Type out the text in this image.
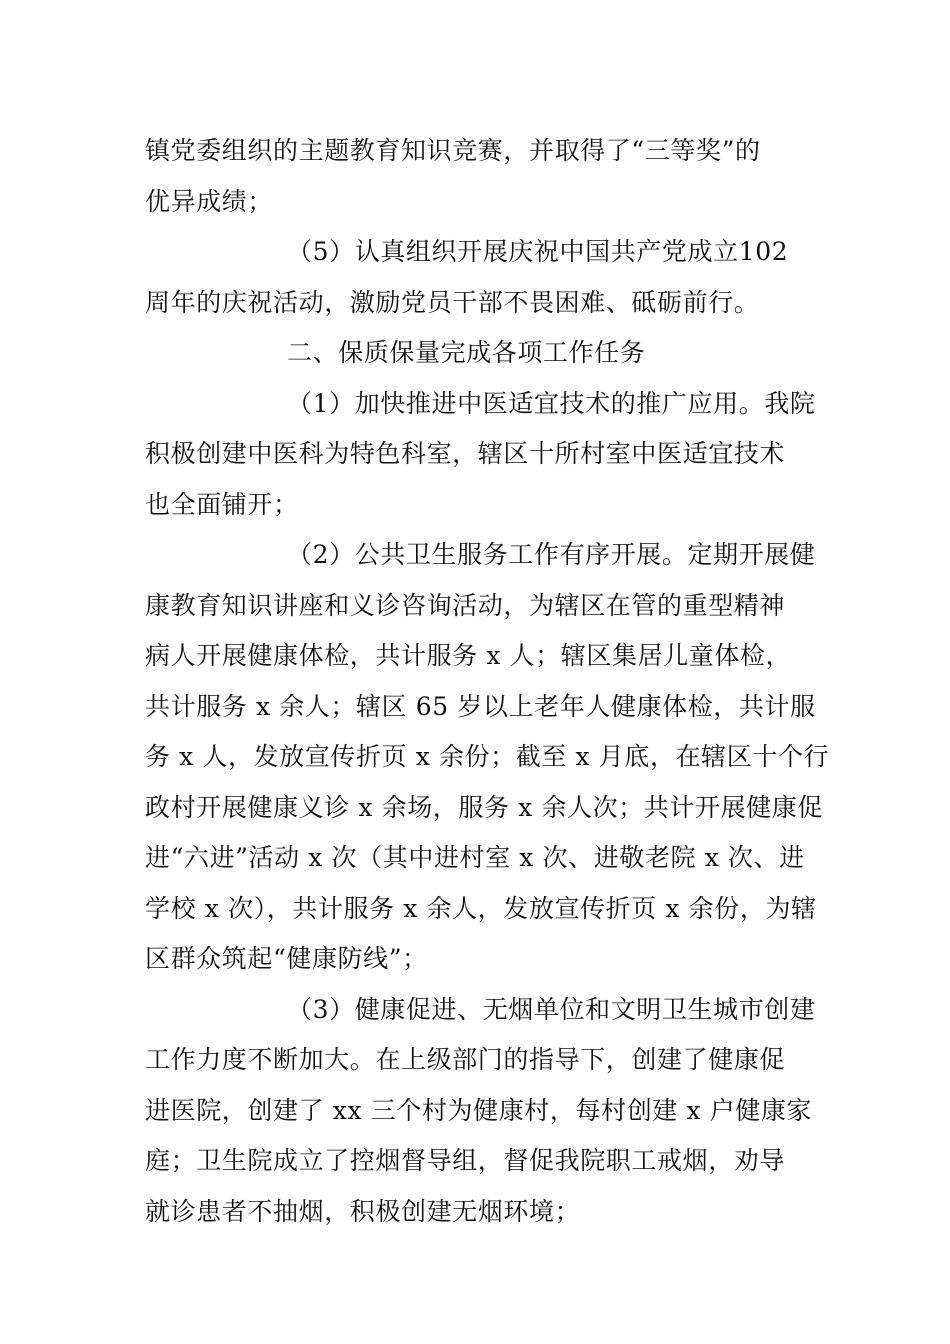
镇党委组织的主题教育知识竞赛，并取得了“三等奖”的
优异成绩；
（5）认真组织开展庆祝中国共产党成立102
周年的庆祝活动，激励党员干部不畏困难、砥砺前行。
二、保质保量完成各项工作任务
（1）加快推进中医适宜技术的推广应用。我院
积极创建中医科为特色科室，辖区十所村室中医适宜技术
也全面铺开；
（2）公共卫生服务工作有序开展。定期开展健
康教育知识讲座和义诊咨询活动，为辖区在管的重型精神
病人开展健康体检，共计服务 x 人；辖区集居儿童体检，
共计服务 x 余人；辖区 65 岁以上老年人健康体检，共计服
务 x 人，发放宣传折页 x 余份；截至 x 月底，在辖区十个行
政村开展健康义诊 x 余场，服务 x 余人次；共计开展健康促
进“六进”活动 x 次（其中进村室 x 次、进敬老院 x 次、进
学校 x 次），共计服务 x 余人，发放宣传折页 x 余份，为辖
区群众筑起“健康防线”；
（3）健康促进、无烟单位和文明卫生城市创建
工作力度不断加大。在上级部门的指导下，创建了健康促
进医院，创建了 xx 三个村为健康村，每村创建 x 户健康家
庭；卫生院成立了控烟督导组，督促我院职工戒烟，劝导
就诊患者不抽烟，积极创建无烟环境；
